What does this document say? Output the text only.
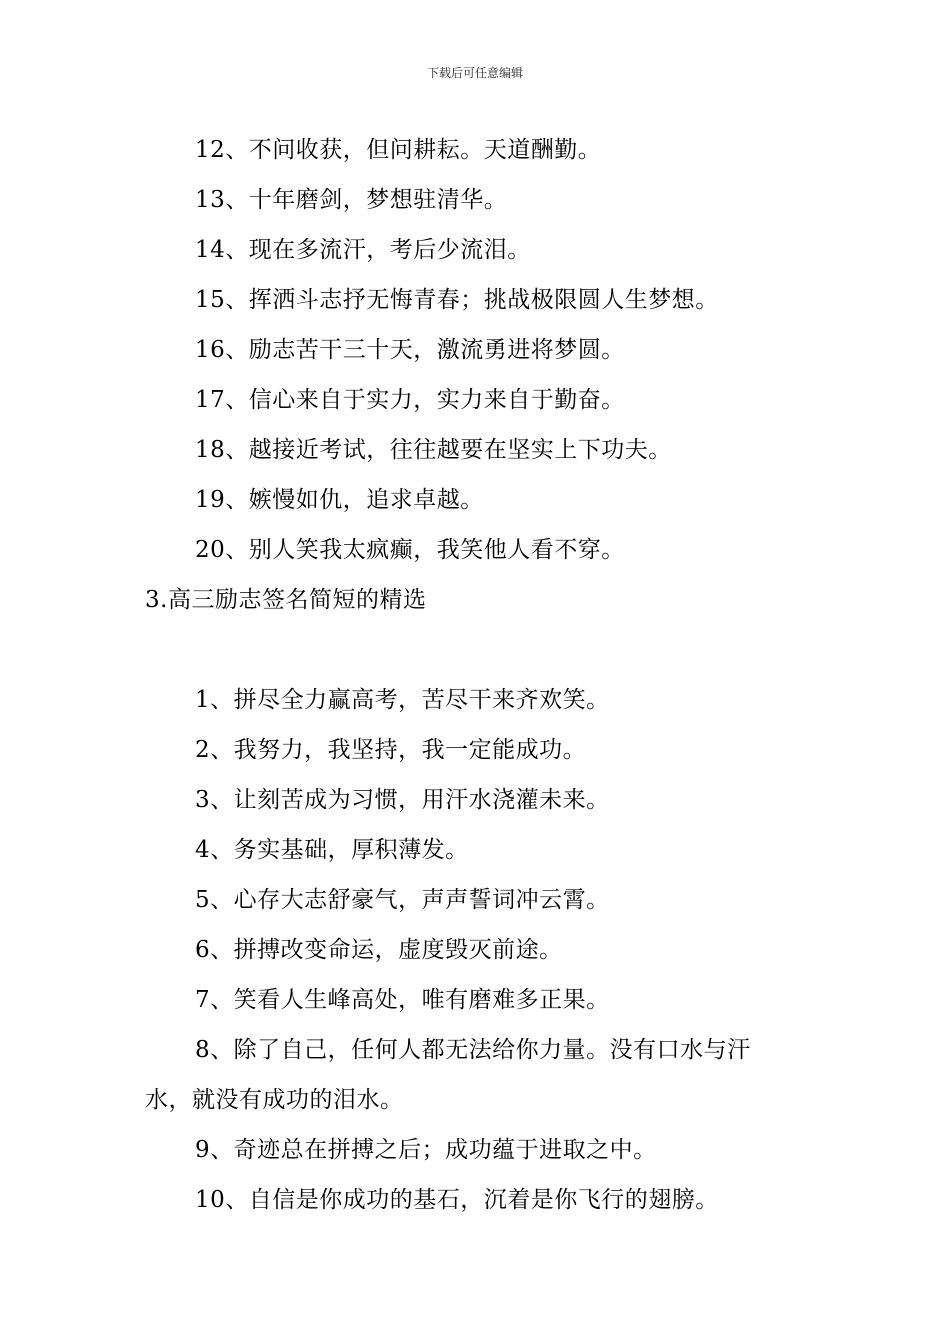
下载后可任意编辑
12、不问收获，但问耕耘。天道酬勤。
13、十年磨剑，梦想驻清华。
14、现在多流汗，考后少流泪。
15、挥洒斗志抒无悔青春；挑战极限圆人生梦想。
16、励志苦干三十天，激流勇进将梦圆。
17、信心来自于实力，实力来自于勤奋。
18、越接近考试，往往越要在坚实上下功夫。
19、嫉慢如仇，追求卓越。
20、别人笑我太疯癫，我笑他人看不穿。
3.高三励志签名简短的精选
1、拼尽全力赢高考，苦尽干来齐欢笑。
2、我努力，我坚持，我一定能成功。
3、让刻苦成为习惯，用汗水浇灌未来。
4、务实基础，厚积薄发。
5、心存大志舒豪气，声声誓词冲云霄。
6、拼搏改变命运，虚度毁灭前途。
7、笑看人生峰高处，唯有磨难多正果。
8、除了自己，任何人都无法给你力量。没有口水与汗
水，就没有成功的泪水。
9、奇迹总在拼搏之后；成功蕴于进取之中。
10、自信是你成功的基石，沉着是你飞行的翅膀。
